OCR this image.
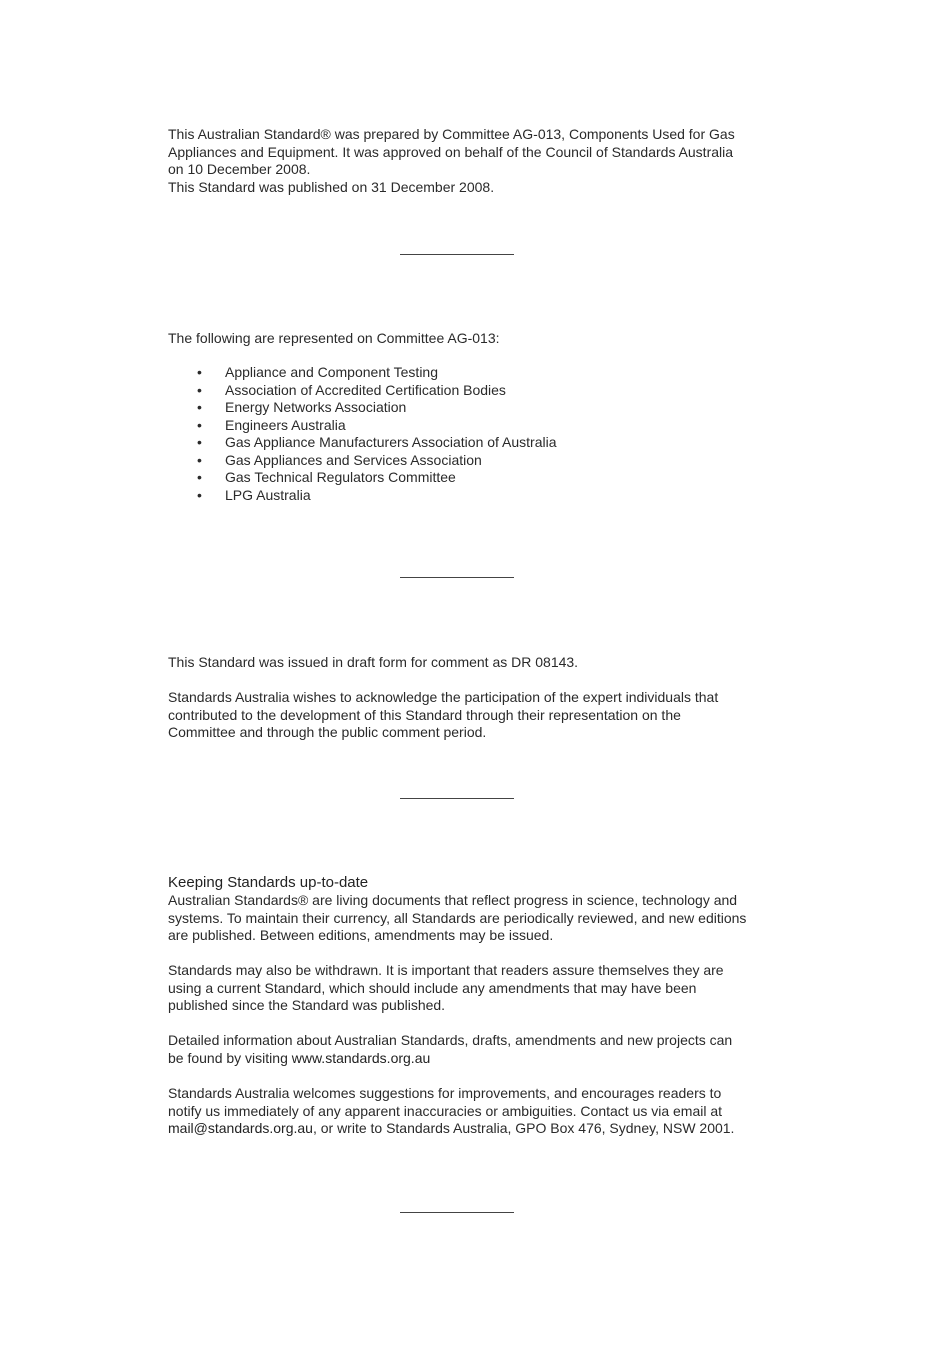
This Australian Standard® was prepared by Committee AG-013, Components Used for Gas

Appliances and Equipment. It was approved on behalf of the Council of Standards Australia

on 10 December 2008.

This Standard was published on 31 December 2008.

The following are represented on Committee AG-013:

• Appliance and Component Testing
• Association of Accredited Certification Bodies
• Energy Networks Association
• Engineers Australia
• Gas Appliance Manufacturers Association of Australia
• Gas Appliances and Services Association
• Gas Technical Regulators Committee
• LPG Australia

This Standard was issued in draft form for comment as DR 08143.

Standards Australia wishes to acknowledge the participation of the expert individuals that

contributed to the development of this Standard through their representation on the

Committee and through the public comment period.

Keeping Standards up-to-date

Australian Standards® are living documents that reflect progress in science, technology and

systems. To maintain their currency, all Standards are periodically reviewed, and new editions

are published. Between editions, amendments may be issued.

Standards may also be withdrawn. It is important that readers assure themselves they are

using a current Standard, which should include any amendments that may have been

published since the Standard was published.

Detailed information about Australian Standards, drafts, amendments and new projects can

be found by visiting www.standards.org.au

Standards Australia welcomes suggestions for improvements, and encourages readers to

notify us immediately of any apparent inaccuracies or ambiguities. Contact us via email at

mail@standards.org.au, or write to Standards Australia, GPO Box 476, Sydney, NSW 2001.
